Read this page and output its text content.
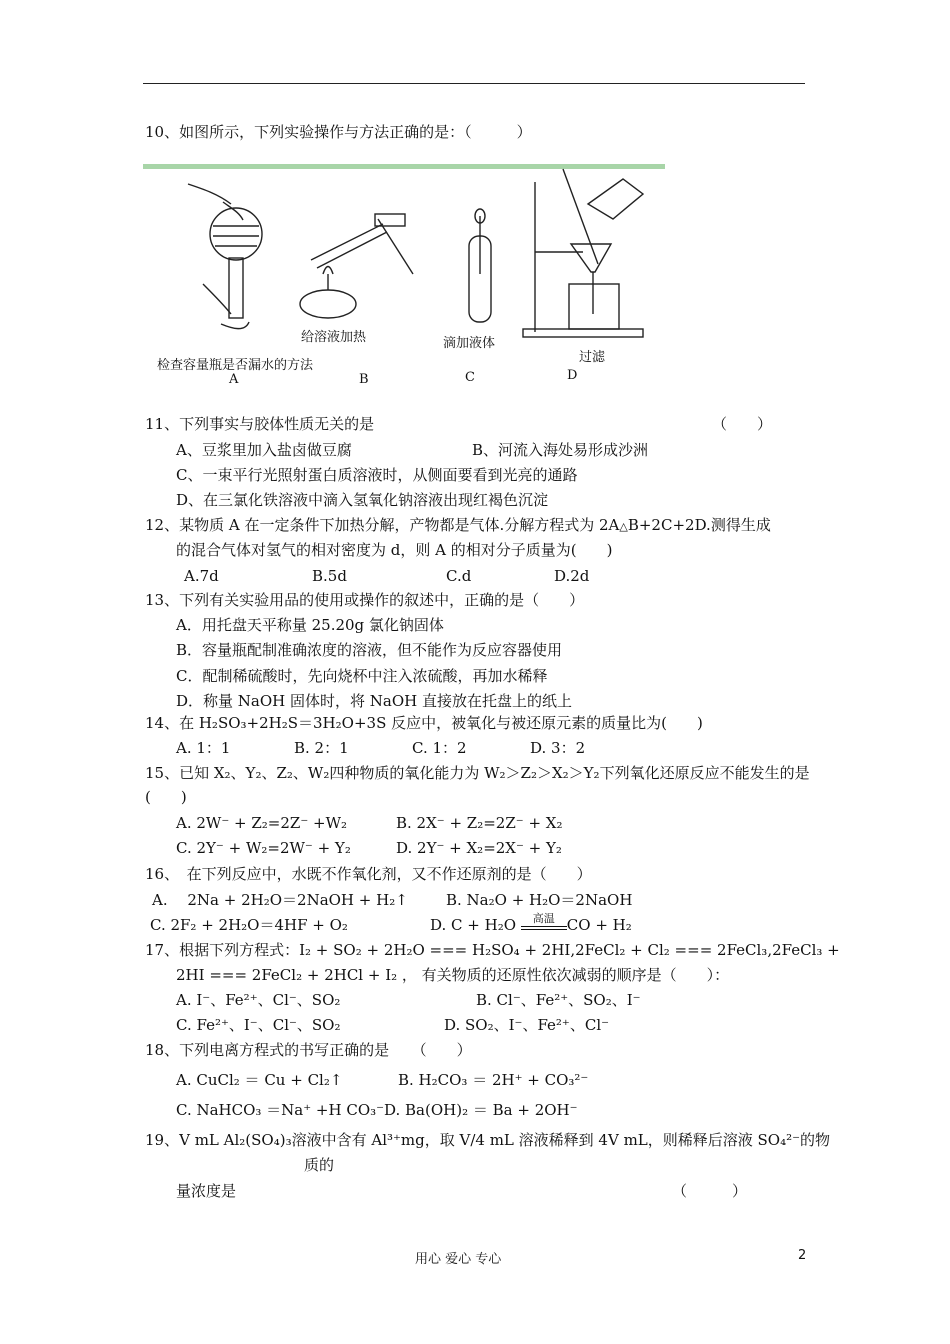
10、如图所示，下列实验操作与方法正确的是：（　　　）
检查容量瓶是否漏水的方法
给溶液加热	滴加液体
过滤
A	B	C	D
11、下列事实与胶体性质无关的是	（　　）
A、豆浆里加入盐卤做豆腐	B、河流入海处易形成沙洲
C、一束平行光照射蛋白质溶液时，从侧面要看到光亮的通路
D、在三氯化铁溶液中滴入氢氧化钠溶液出现红褐色沉淀
12、某物质 A 在一定条件下加热分解，产物都是气体.分解方程式为 2A△B+2C+2D.测得生成
的混合气体对氢气的相对密度为 d，则 A 的相对分子质量为(　　)
A.7d	B.5d	C.d	D.2d
13、下列有关实验用品的使用或操作的叙述中，正确的是（　　）
A．用托盘天平称量 25.20g 氯化钠固体
B．容量瓶配制准确浓度的溶液，但不能作为反应容器使用
C．配制稀硫酸时，先向烧杯中注入浓硫酸，再加水稀释
D．称量 NaOH 固体时，将 NaOH 直接放在托盘上的纸上
14、在 H₂SO₃+2H₂S＝3H₂O+3S 反应中，被氧化与被还原元素的质量比为(　　)
A. 1：1	B. 2：1	C. 1：2	D. 3：2
15、已知 X₂、Y₂、Z₂、W₂四种物质的氧化能力为 W₂＞Z₂＞X₂＞Y₂下列氧化还原反应不能发生的是
(　　)
A. 2W⁻ + Z₂=2Z⁻ +W₂	B. 2X⁻ + Z₂=2Z⁻ + X₂
C. 2Y⁻ + W₂=2W⁻ + Y₂	D. 2Y⁻ + X₂=2X⁻ + Y₂
16、　在下列反应中，水既不作氧化剂，又不作还原剂的是（　　）
A.　 2Na + 2H₂O＝2NaOH + H₂↑	B. Na₂O + H₂O＝2NaOH
C. 2F₂ + 2H₂O＝4HF + O₂	D. C + H₂O	高温 CO + H₂
17、根据下列方程式：I₂ + SO₂ + 2H₂O === H₂SO₄ + 2HI,2FeCl₂ + Cl₂ === 2FeCl₃,2FeCl₃ +
2HI === 2FeCl₂ + 2HCl + I₂ ， 有关物质的还原性依次减弱的顺序是（　　）：
A. I⁻、Fe²⁺、Cl⁻、SO₂	B. Cl⁻、Fe²⁺、SO₂、I⁻
C. Fe²⁺、I⁻、Cl⁻、SO₂	D. SO₂、I⁻、Fe²⁺、Cl⁻
18、下列电离方程式的书写正确的是　　（　　）
A. CuCl₂ ＝ Cu + Cl₂↑	B. H₂CO₃ ＝ 2H⁺ + CO₃²⁻
C. NaHCO₃ ＝Na⁺ +H CO₃⁻ D. Ba(OH)₂ ＝ Ba + 2OH⁻
19、V mL Al₂(SO₄)₃溶液中含有 Al³⁺mg，取 V/4 mL 溶液稀释到 4V mL，则稀释后溶液 SO₄²⁻的物
质的
量浓度是	（　　　）
用心 爱心 专心	2
